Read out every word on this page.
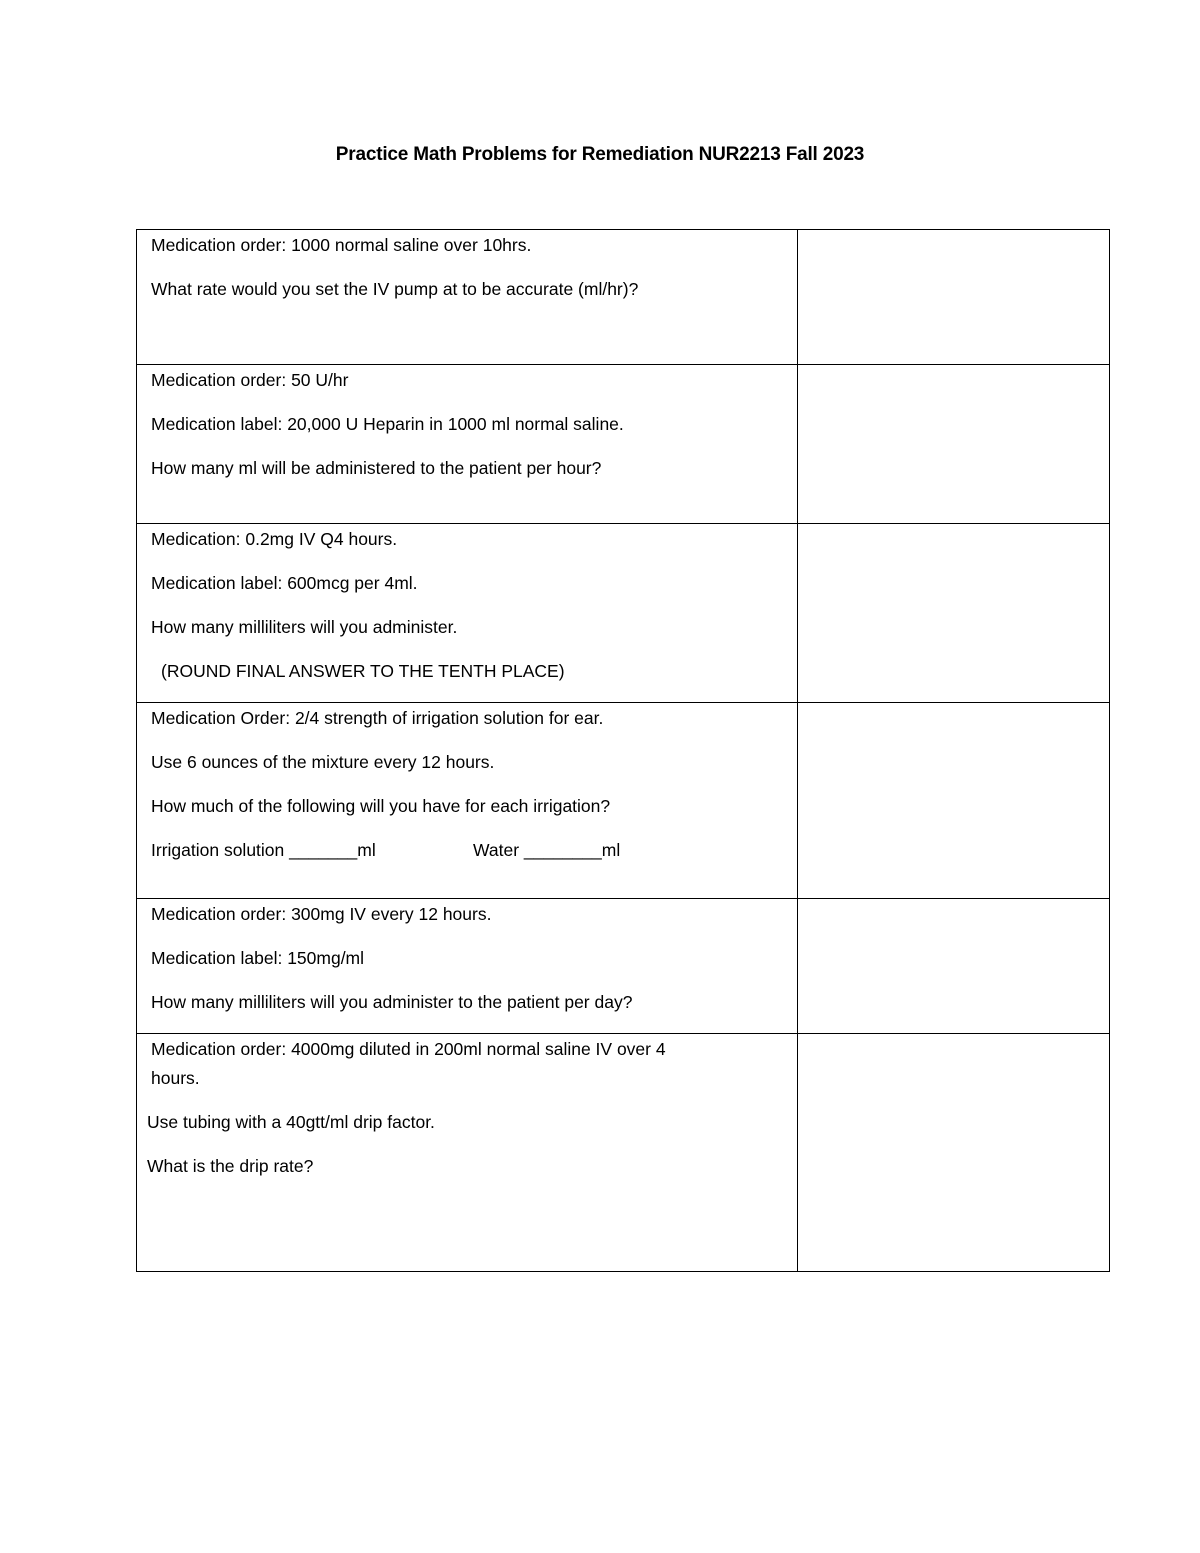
Practice Math Problems for Remediation NUR2213 Fall 2023
Medication order: 1000 normal saline over 10hrs.
What rate would you set the IV pump at to be accurate (ml/hr)?	

Medication order: 50 U/hr
Medication label: 20,000 U Heparin in 1000 ml normal saline.
How many ml will be administered to the patient per hour?	

Medication: 0.2mg IV Q4 hours.
Medication label: 600mcg per 4ml.
How many milliliters will you administer.
(ROUND FINAL ANSWER TO THE TENTH PLACE)	

Medication Order: 2/4 strength of irrigation solution for ear.
Use 6 ounces of the mixture every 12 hours.
How much of the following will you have for each irrigation?
Irrigation solution _______ml Water ________ml	

Medication order: 300mg IV every 12 hours.
Medication label: 150mg/ml
How many milliliters will you administer to the patient per day?	

Medication order: 4000mg diluted in 200ml normal saline IV over 4
hours.
Use tubing with a 40gtt/ml drip factor.
What is the drip rate?	
